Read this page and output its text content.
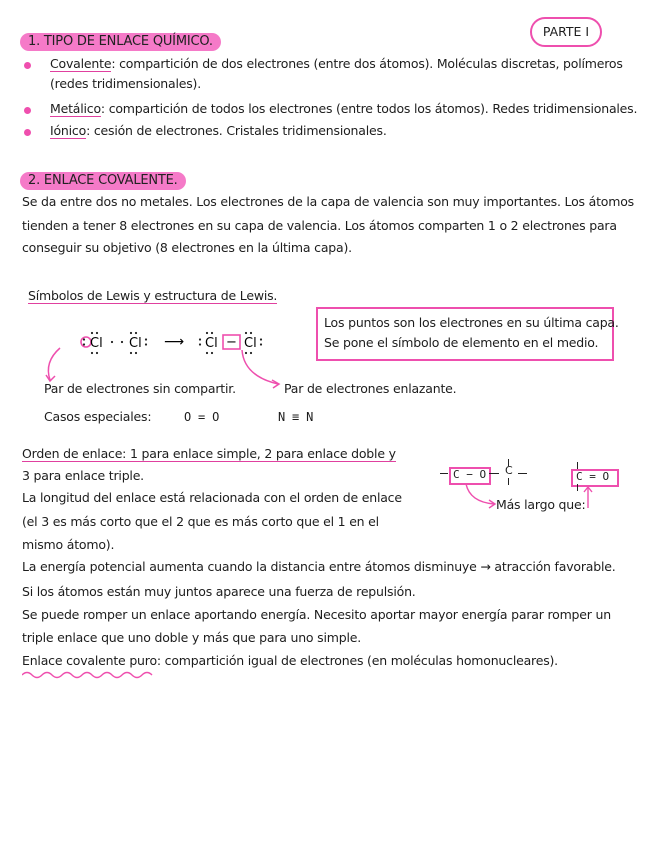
PARTE I
1. TIPO DE ENLACE QUÍMICO.
Covalente: compartición de dos electrones (entre dos átomos). Moléculas discretas, polímeros
(redes tridimensionales).
Metálico: compartición de todos los electrones (entre todos los átomos). Redes tridimensionales.
Iónico: cesión de electrones. Cristales tridimensionales.
2. ENLACE COVALENTE.
Se da entre dos no metales. Los electrones de la capa de valencia son muy importantes. Los átomos
tienden a tener 8 electrones en su capa de valencia. Los átomos comparten 1 o 2 electrones para
conseguir su objetivo (8 electrones en la última capa).
Símbolos de Lewis y estructura de Lewis.
Los puntos son los electrones en su última capa.
Se pone el símbolo de elemento en el medio.
Cl Cl ⟶ Cl − Cl
Par de electrones sin compartir.	Par de electrones enlazante.
Casos especiales:	O = O	N ≡ N
Orden de enlace: 1 para enlace simple, 2 para enlace doble y
3 para enlace triple.
La longitud del enlace está relacionada con el orden de enlace
(el 3 es más corto que el 2 que es más corto que el 1 en el
mismo átomo).
C − O C	C = O
Más largo que:
La energía potencial aumenta cuando la distancia entre átomos disminuye → atracción favorable.
Si los átomos están muy juntos aparece una fuerza de repulsión.
Se puede romper un enlace aportando energía. Necesito aportar mayor energía parar romper un
triple enlace que uno doble y más que para uno simple.
Enlace covalente puro: compartición igual de electrones (en moléculas homonucleares).
